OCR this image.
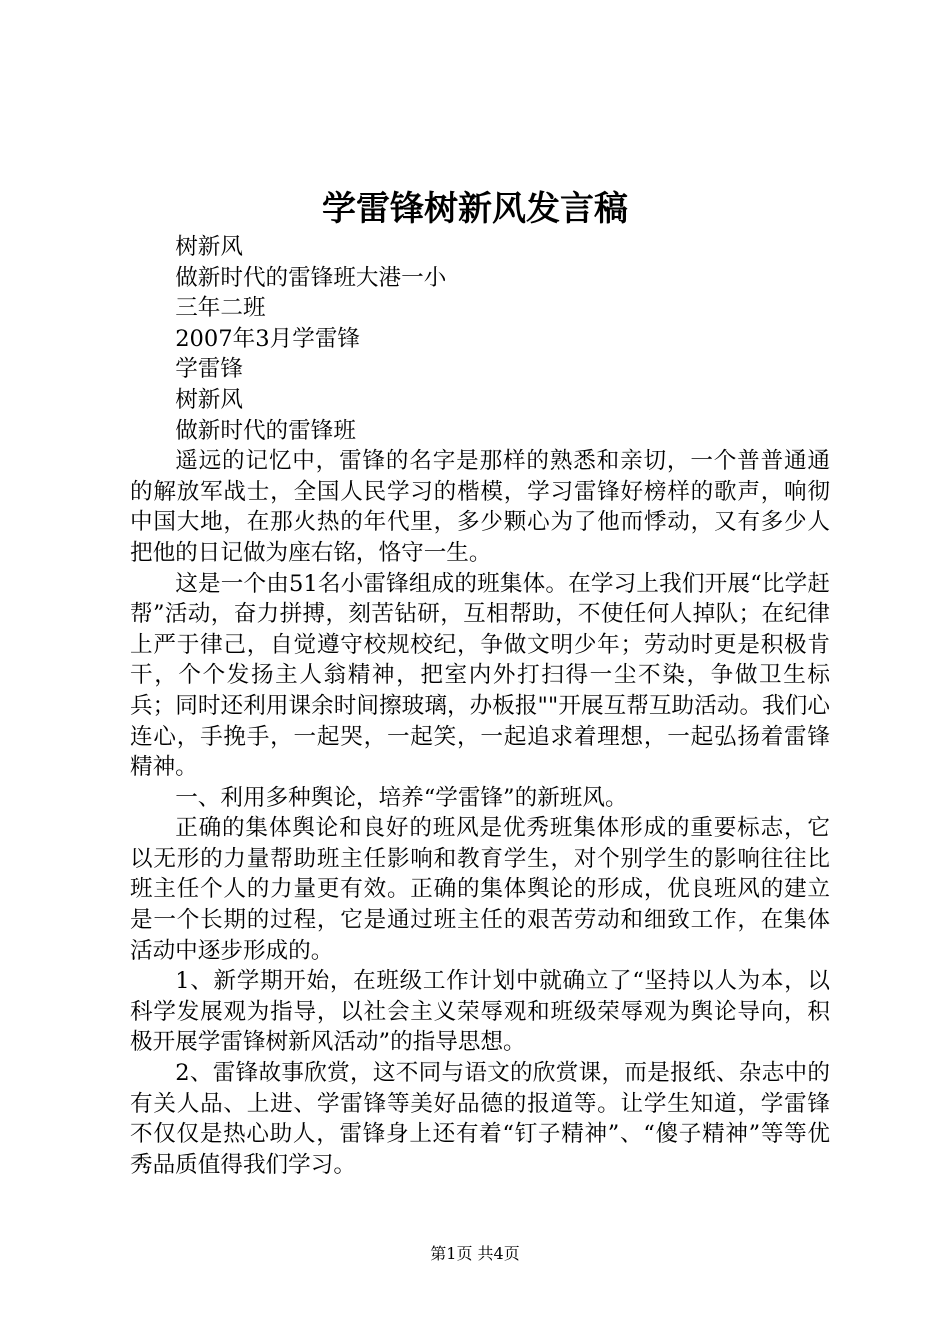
学雷锋树新风发言稿

树新风

做新时代的雷锋班大港一小

三年二班

2007年3月学雷锋

学雷锋

树新风

做新时代的雷锋班

遥远的记忆中，雷锋的名字是那样的熟悉和亲切，一个普普通通的解放军战士，全国人民学习的楷模，学习雷锋好榜样的歌声，响彻中国大地，在那火热的年代里，多少颗心为了他而悸动，又有多少人把他的日记做为座右铭，恪守一生。

这是一个由51名小雷锋组成的班集体。在学习上我们开展“比学赶帮”活动，奋力拼搏，刻苦钻研，互相帮助，不使任何人掉队；在纪律上严于律己，自觉遵守校规校纪，争做文明少年；劳动时更是积极肯干，个个发扬主人翁精神，把室内外打扫得一尘不染，争做卫生标兵；同时还利用课余时间擦玻璃，办板报""开展互帮互助活动。我们心连心，手挽手，一起哭，一起笑，一起追求着理想，一起弘扬着雷锋精神。

一、利用多种舆论，培养“学雷锋”的新班风。

正确的集体舆论和良好的班风是优秀班集体形成的重要标志，它以无形的力量帮助班主任影响和教育学生，对个别学生的影响往往比班主任个人的力量更有效。正确的集体舆论的形成，优良班风的建立是一个长期的过程，它是通过班主任的艰苦劳动和细致工作，在集体活动中逐步形成的。

1、新学期开始，在班级工作计划中就确立了“坚持以人为本，以科学发展观为指导，以社会主义荣辱观和班级荣辱观为舆论导向，积极开展学雷锋树新风活动”的指导思想。

2、雷锋故事欣赏，这不同与语文的欣赏课，而是报纸、杂志中的有关人品、上进、学雷锋等美好品德的报道等。让学生知道，学雷锋不仅仅是热心助人，雷锋身上还有着“钉子精神”、“傻子精神”等等优秀品质值得我们学习。

第1页 共4页
